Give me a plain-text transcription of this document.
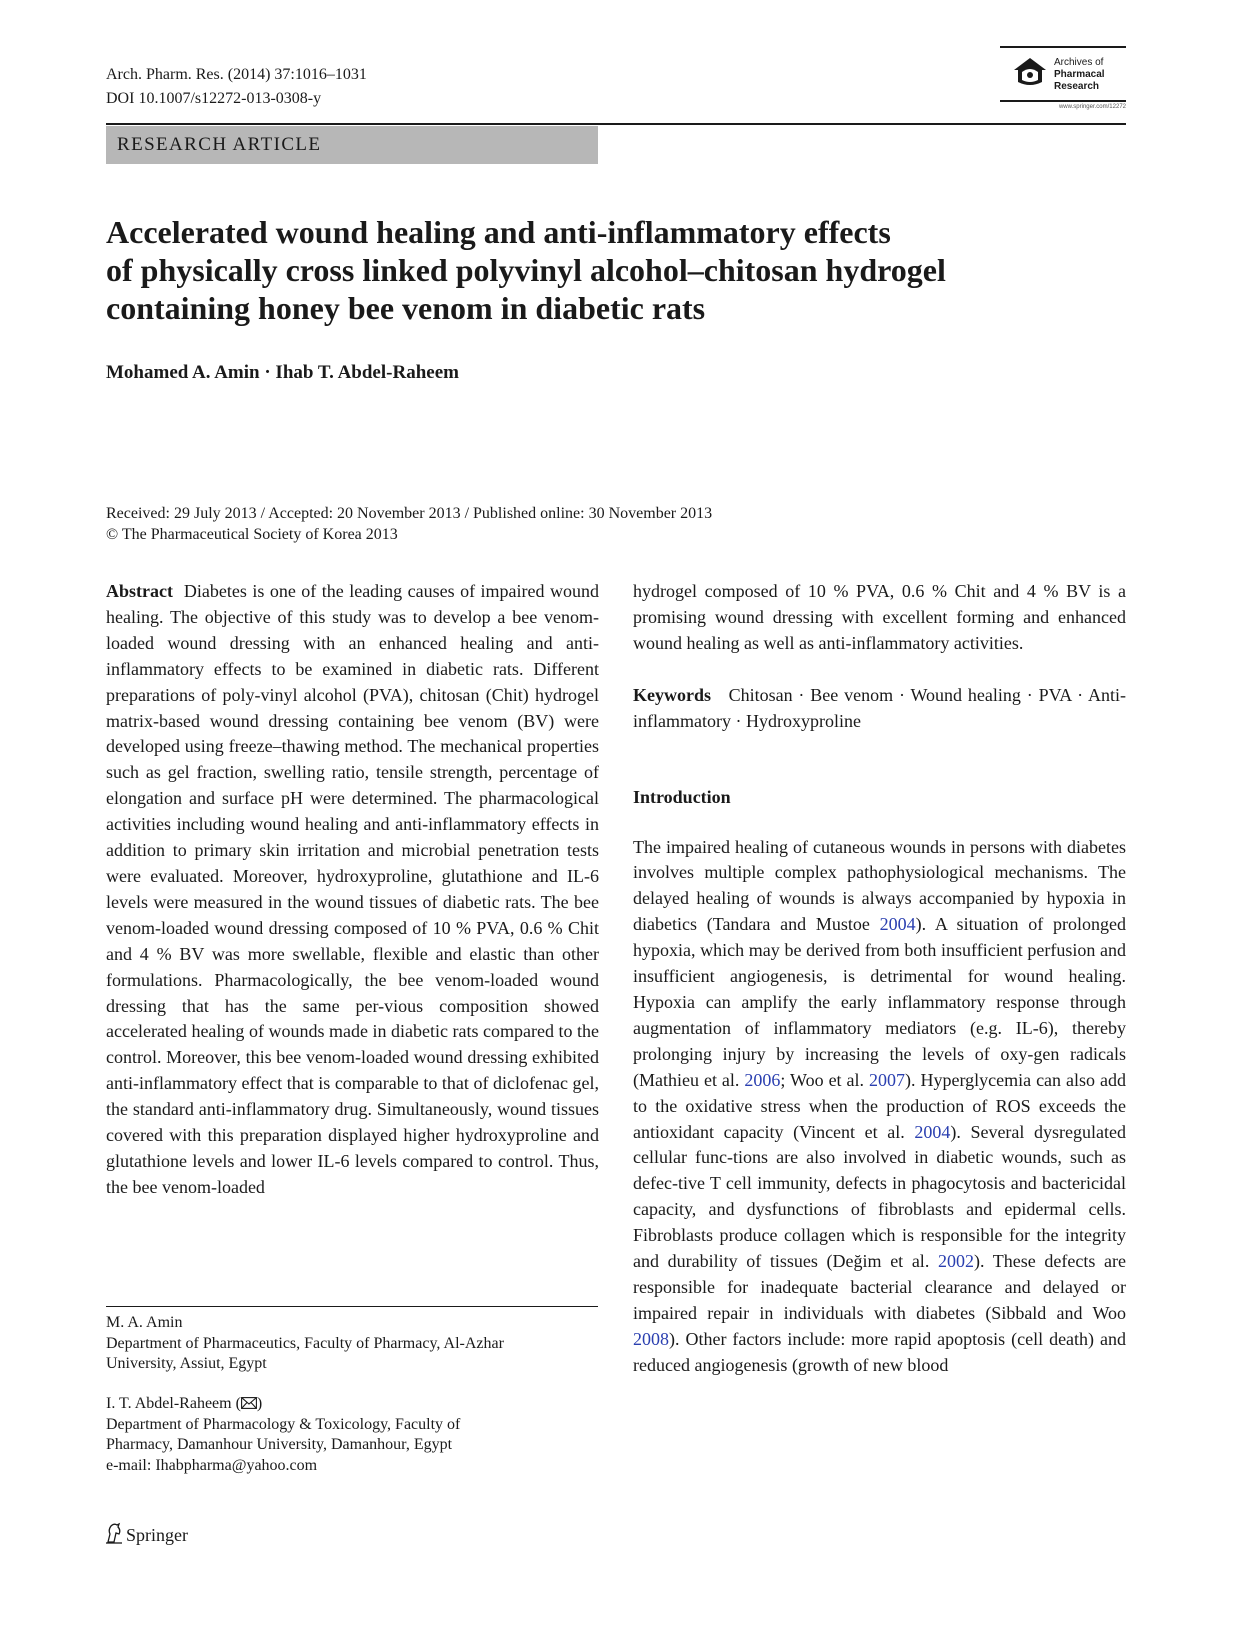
Arch. Pharm. Res. (2014) 37:1016–1031
DOI 10.1007/s12272-013-0308-y
Archives of
Pharmacal
Research
www.springer.com/12272
RESEARCH ARTICLE
Accelerated wound healing and anti-inflammatory effects
of physically cross linked polyvinyl alcohol–chitosan hydrogel
containing honey bee venom in diabetic rats
Mohamed A. Amin · Ihab T. Abdel-Raheem
Received: 29 July 2013 / Accepted: 20 November 2013 / Published online: 30 November 2013
© The Pharmaceutical Society of Korea 2013

Abstract Diabetes is one of the leading causes of impaired wound healing. The objective of this study was to develop a bee venom-loaded wound dressing with an enhanced healing and anti-inflammatory effects to be examined in diabetic rats. Different preparations of poly-vinyl alcohol (PVA), chitosan (Chit) hydrogel matrix-based wound dressing containing bee venom (BV) were developed using freeze–thawing method. The mechanical properties such as gel fraction, swelling ratio, tensile strength, percentage of elongation and surface pH were determined. The pharmacological activities including wound healing and anti-inflammatory effects in addition to primary skin irritation and microbial penetration tests were evaluated. Moreover, hydroxyproline, glutathione and IL-6 levels were measured in the wound tissues of diabetic rats. The bee venom-loaded wound dressing composed of 10 % PVA, 0.6 % Chit and 4 % BV was more swellable, flexible and elastic than other formulations. Pharmacologically, the bee venom-loaded wound dressing that has the same per-vious composition showed accelerated healing of wounds made in diabetic rats compared to the control. Moreover, this bee venom-loaded wound dressing exhibited anti-inflammatory effect that is comparable to that of diclofenac gel, the standard anti-inflammatory drug. Simultaneously, wound tissues covered with this preparation displayed higher hydroxyproline and glutathione levels and lower IL-6 levels compared to control. Thus, the bee venom-loaded

M. A. Amin
Department of Pharmaceutics, Faculty of Pharmacy, Al-Azhar
University, Assiut, Egypt
I. T. Abdel-Raheem ( )
Department of Pharmacology & Toxicology, Faculty of
Pharmacy, Damanhour University, Damanhour, Egypt
e-mail: Ihabpharma@yahoo.com

hydrogel composed of 10 % PVA, 0.6 % Chit and 4 % BV is a promising wound dressing with excellent forming and enhanced wound healing as well as anti-inflammatory activities.

Keywords Chitosan · Bee venom · Wound healing · PVA · Anti-inflammatory · Hydroxyproline

Introduction

The impaired healing of cutaneous wounds in persons with diabetes involves multiple complex pathophysiological mechanisms. The delayed healing of wounds is always accompanied by hypoxia in diabetics (Tandara and Mustoe 2004). A situation of prolonged hypoxia, which may be derived from both insufficient perfusion and insufficient angiogenesis, is detrimental for wound healing. Hypoxia can amplify the early inflammatory response through augmentation of inflammatory mediators (e.g. IL-6), thereby prolonging injury by increasing the levels of oxy-gen radicals (Mathieu et al. 2006; Woo et al. 2007). Hyperglycemia can also add to the oxidative stress when the production of ROS exceeds the antioxidant capacity (Vincent et al. 2004). Several dysregulated cellular func-tions are also involved in diabetic wounds, such as defec-tive T cell immunity, defects in phagocytosis and bactericidal capacity, and dysfunctions of fibroblasts and epidermal cells. Fibroblasts produce collagen which is responsible for the integrity and durability of tissues (Değim et al. 2002). These defects are responsible for inadequate bacterial clearance and delayed or impaired repair in individuals with diabetes (Sibbald and Woo 2008). Other factors include: more rapid apoptosis (cell death) and reduced angiogenesis (growth of new blood

Springer
